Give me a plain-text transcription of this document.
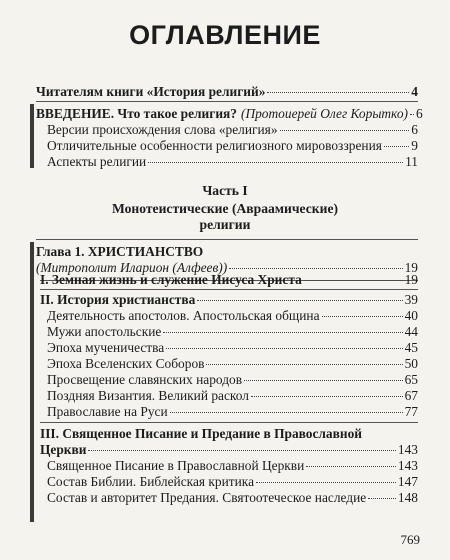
ОГЛАВЛЕНИЕ
Читателям книги «История религий»	4
ВВЕДЕНИЕ. Что такое религия? (Протоиерей Олег Корытко) 6
Версии происхождения слова «религия»	6
Отличительные особенности религиозного мировоззрения 9
Аспекты религии	11
Часть I
Монотеистические (Авраамические)
религии
Глава 1. ХРИСТИАНСТВО
(Митрополит Иларион (Алфеев))	19
I. Земная жизнь и служение Иисуса Христа	19
II. История христианства	39
Деятельность апостолов. Апостольская община	40
Мужи апостольские	44
Эпоха мученичества	45
Эпоха Вселенских Соборов	50
Просвещение славянских народов	65
Поздняя Византия. Великий раскол	67
Православие на Руси	77
III. Священное Писание и Предание в Православной
Церкви	143
Священное Писание в Православной Церкви	143
Состав Библии. Библейская критика	147
Состав и авторитет Предания. Святоотеческое наследие 148
769
